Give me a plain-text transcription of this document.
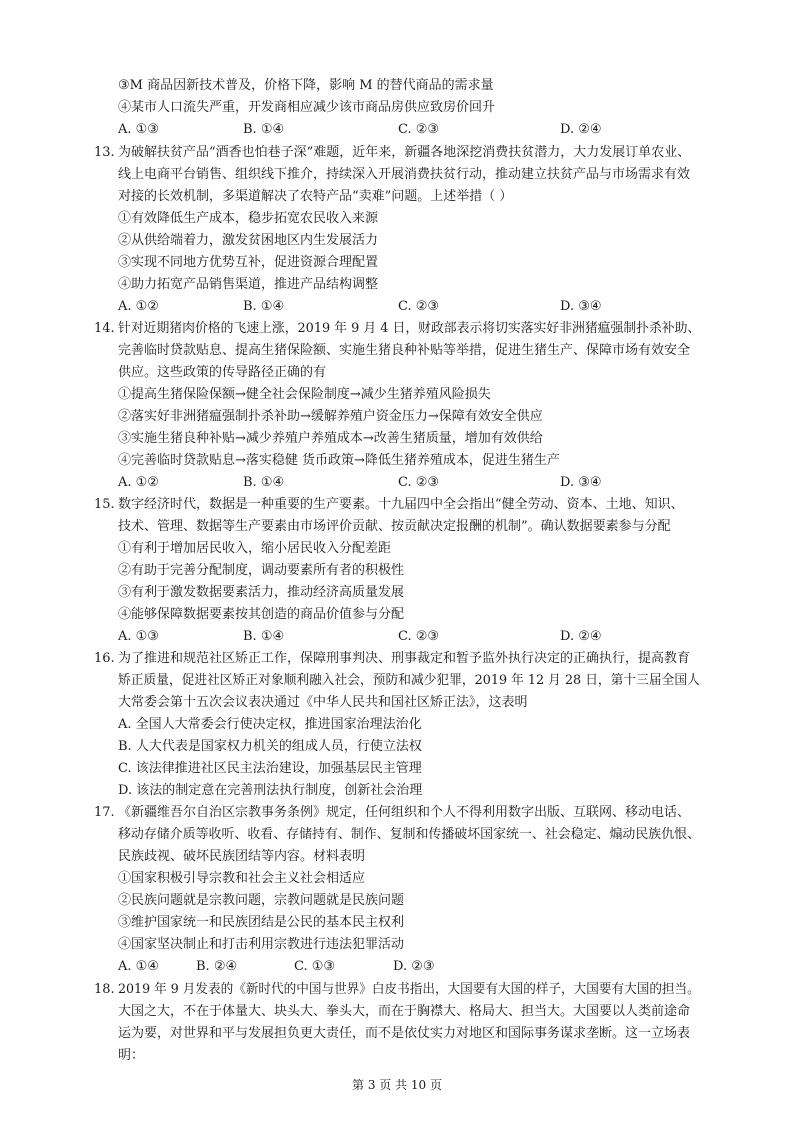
③M 商品因新技术普及，价格下降，影响 M 的替代商品的需求量
④某市人口流失严重，开发商相应减少该市商品房供应致房价回升
A. ①③	B. ①④	C. ②③	D. ②④
13. 为破解扶贫产品“酒香也怕巷子深”难题，近年来，新疆各地深挖消费扶贫潜力，大力发展订单农业、
线上电商平台销售、组织线下推介，持续深入开展消费扶贫行动，推动建立扶贫产品与市场需求有效
对接的长效机制，多渠道解决了农特产品“卖难”问题。上述举措（ ）
①有效降低生产成本，稳步拓宽农民收入来源
②从供给端着力，激发贫困地区内生发展活力
③实现不同地方优势互补，促进资源合理配置
④助力拓宽产品销售渠道，推进产品结构调整
A. ①②	B. ①④	C. ②③	D. ③④
14. 针对近期猪肉价格的飞速上涨，2019 年 9 月 4 日，财政部表示将切实落实好非洲猪瘟强制扑杀补助、
完善临时贷款贴息、提高生猪保险额、实施生猪良种补贴等举措，促进生猪生产、保障市场有效安全
供应。这些政策的传导路径正确的有
①提高生猪保险保额→健全社会保险制度→减少生猪养殖风险损失
②落实好非洲猪瘟强制扑杀补助→缓解养殖户资金压力→保障有效安全供应
③实施生猪良种补贴→减少养殖户养殖成本→改善生猪质量，增加有效供给
④完善临时贷款贴息→落实稳健 货币政策→降低生猪养殖成本，促进生猪生产
A. ①②	B. ①④	C. ②③	D. ③④
15. 数字经济时代，数据是一种重要的生产要素。十九届四中全会指出“健全劳动、资本、土地、知识、
技术、管理、数据等生产要素由市场评价贡献、按贡献决定报酬的机制”。确认数据要素参与分配
①有利于增加居民收入，缩小居民收入分配差距
②有助于完善分配制度，调动要素所有者的积极性
③有利于激发数据要素活力，推动经济高质量发展
④能够保障数据要素按其创造的商品价值参与分配
A. ①③	B. ①④	C. ②③	D. ②④
16. 为了推进和规范社区矫正工作，保障刑事判决、刑事裁定和暂予监外执行决定的正确执行，提高教育
矫正质量，促进社区矫正对象顺利融入社会，预防和减少犯罪，2019 年 12 月 28 日，第十三届全国人
大常委会第十五次会议表决通过《中华人民共和国社区矫正法》，这表明
A. 全国人大常委会行使决定权，推进国家治理法治化
B. 人大代表是国家权力机关的组成人员，行使立法权
C. 该法律推进社区民主法治建设，加强基层民主管理
D. 该法的制定意在完善刑法执行制度，创新社会治理
17. 《新疆维吾尔自治区宗教事务条例》规定，任何组织和个人不得利用数字出版、互联网、移动电话、
移动存储介质等收听、收看、存储持有、制作、复制和传播破坏国家统一、社会稳定、煽动民族仇恨、
民族歧视、破坏民族团结等内容。材料表明
①国家积极引导宗教和社会主义社会相适应
②民族问题就是宗教问题，宗教问题就是民族问题
③维护国家统一和民族团结是公民的基本民主权利
④国家坚决制止和打击利用宗教进行违法犯罪活动
A. ①④	B. ②④	C. ①③	D. ②③
18. 2019 年 9 月发表的《新时代的中国与世界》白皮书指出，大国要有大国的样子，大国要有大国的担当。
大国之大，不在于体量大、块头大、拳头大，而在于胸襟大、格局大、担当大。大国要以人类前途命
运为要，对世界和平与发展担负更大责任，而不是依仗实力对地区和国际事务谋求垄断。这一立场表
明：
第 3 页 共 10 页
